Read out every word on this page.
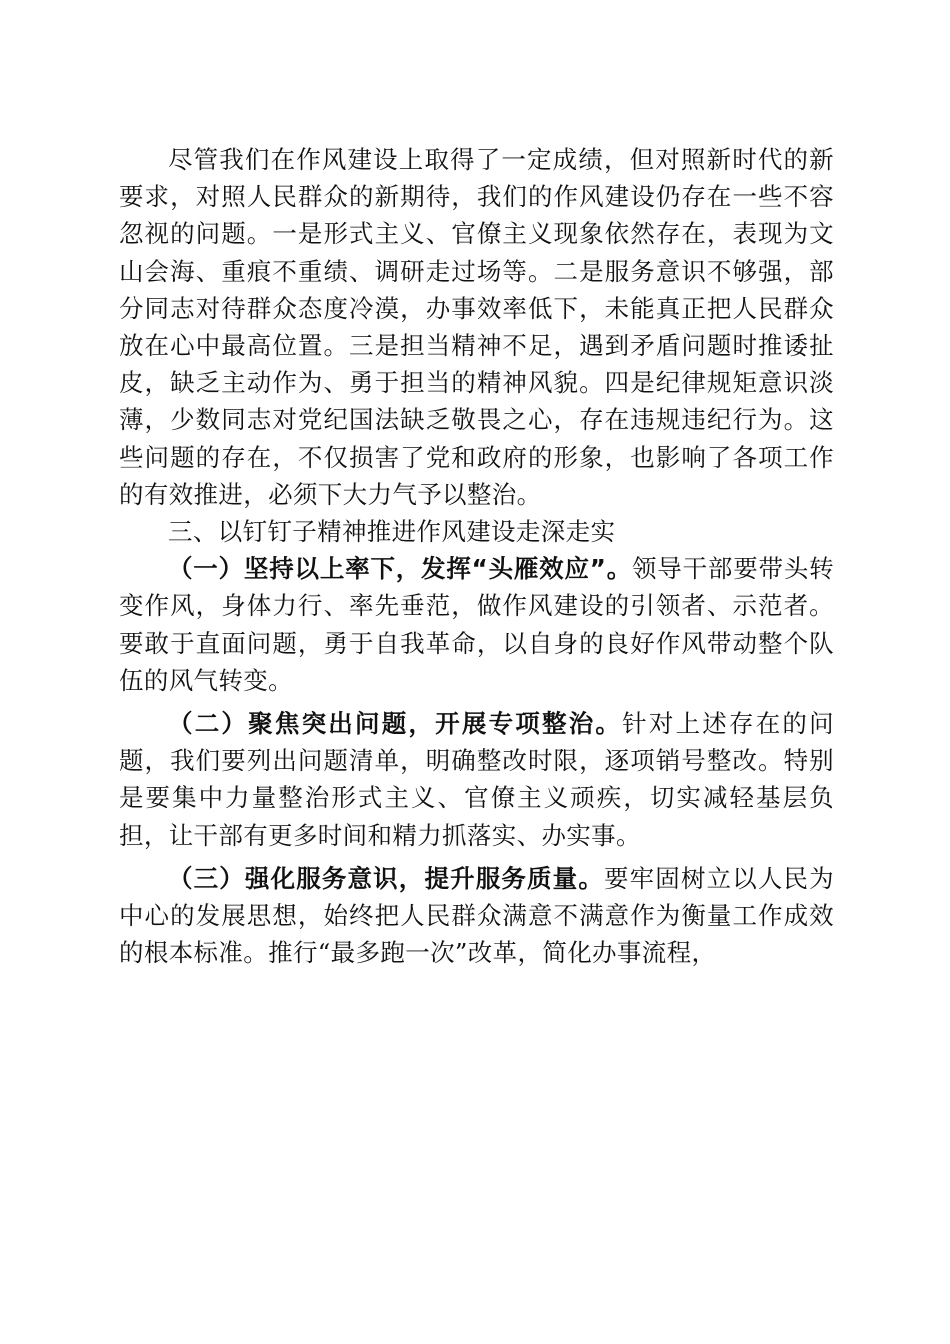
尽管我们在作风建设上取得了一定成绩，但对照新时代的新要求，对照人民群众的新期待，我们的作风建设仍存在一些不容忽视的问题。一是形式主义、官僚主义现象依然存在，表现为文山会海、重痕不重绩、调研走过场等。二是服务意识不够强，部分同志对待群众态度冷漠，办事效率低下，未能真正把人民群众放在心中最高位置。三是担当精神不足，遇到矛盾问题时推诿扯皮，缺乏主动作为、勇于担当的精神风貌。四是纪律规矩意识淡薄，少数同志对党纪国法缺乏敬畏之心，存在违规违纪行为。这些问题的存在，不仅损害了党和政府的形象，也影响了各项工作的有效推进，必须下大力气予以整治。

三、以钉钉子精神推进作风建设走深走实

（一）坚持以上率下，发挥“头雁效应”。领导干部要带头转变作风，身体力行、率先垂范，做作风建设的引领者、示范者。要敢于直面问题，勇于自我革命，以自身的良好作风带动整个队伍的风气转变。

（二）聚焦突出问题，开展专项整治。针对上述存在的问题，我们要列出问题清单，明确整改时限，逐项销号整改。特别是要集中力量整治形式主义、官僚主义顽疾，切实减轻基层负担，让干部有更多时间和精力抓落实、办实事。

（三）强化服务意识，提升服务质量。要牢固树立以人民为中心的发展思想，始终把人民群众满意不满意作为衡量工作成效的根本标准。推行“最多跑一次”改革，简化办事流程，
